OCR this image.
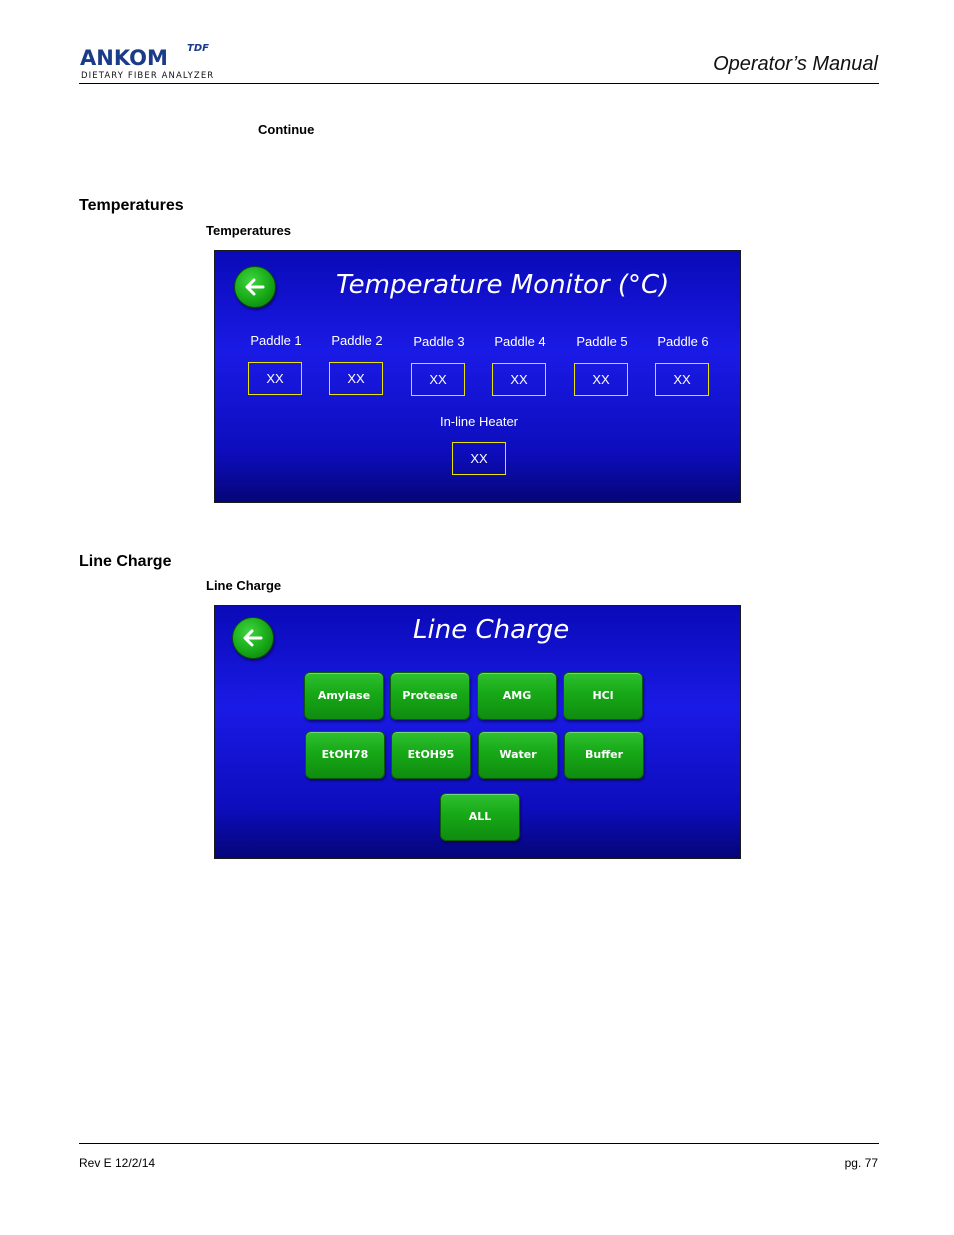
ANKOM TDF
DIETARY FIBER ANALYZER
Operator’s Manual
Continue
Temperatures
Temperatures
Temperature Monitor (°C)
Paddle 1	Paddle 2	Paddle 3	Paddle 4	Paddle 5	Paddle 6
XX	XX	XX	XX	XX	XX
In-line Heater
XX
Line Charge
Line Charge
Line Charge
Amylase	Protease	AMG	HCl
EtOH78	EtOH95	Water	Buffer
ALL
Rev E 12/2/14	pg. 77
